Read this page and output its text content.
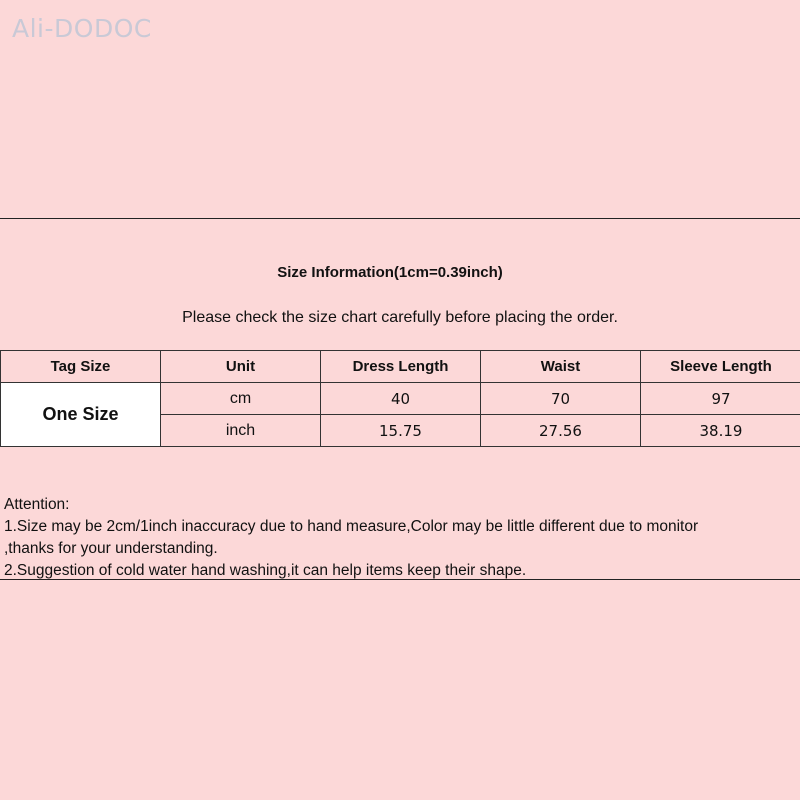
Ali-DODOC
Size Information(1cm=0.39inch)
Please check the size chart carefully before placing the order.
Tag Size	Unit	Dress Length	Waist	Sleeve Length
One Size	cm	40	70	97
	inch	15.75	27.56	38.19
Attention:
1.Size may be 2cm/1inch inaccuracy due to hand measure,Color may be little different due to monitor
,thanks for your understanding.
2.Suggestion of cold water hand washing,it can help items keep their shape.
